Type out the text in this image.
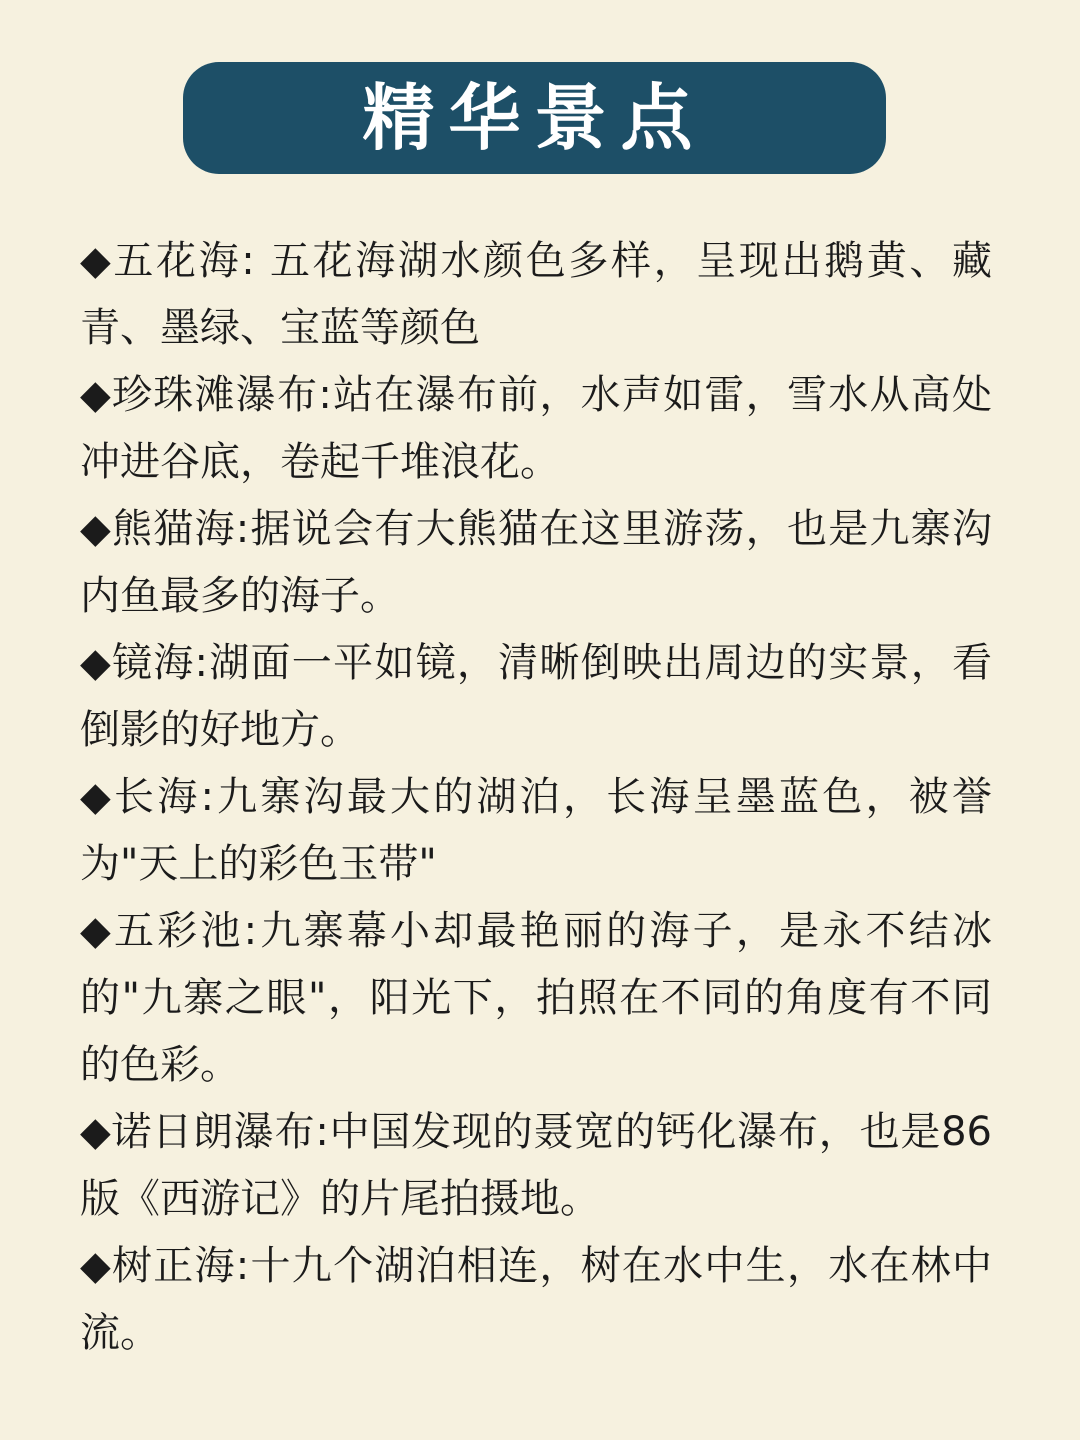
精华景点

◆五花海: 五花海湖水颜色多样，呈现出鹅黄、藏青、墨绿、宝蓝等颜色

◆珍珠滩瀑布:站在瀑布前，水声如雷，雪水从高处冲进谷底，卷起千堆浪花。

◆熊猫海:据说会有大熊猫在这里游荡，也是九寨沟内鱼最多的海子。

◆镜海:湖面一平如镜，清晰倒映出周边的实景，看倒影的好地方。

◆长海:九寨沟最大的湖泊，长海呈墨蓝色，被誉为"天上的彩色玉带"

◆五彩池:九寨幕小却最艳丽的海子，是永不结冰的"九寨之眼"，阳光下，拍照在不同的角度有不同的色彩。

◆诺日朗瀑布:中国发现的聂宽的钙化瀑布，也是86版《西游记》的片尾拍摄地。

◆树正海:十九个湖泊相连，树在水中生，水在林中流。
